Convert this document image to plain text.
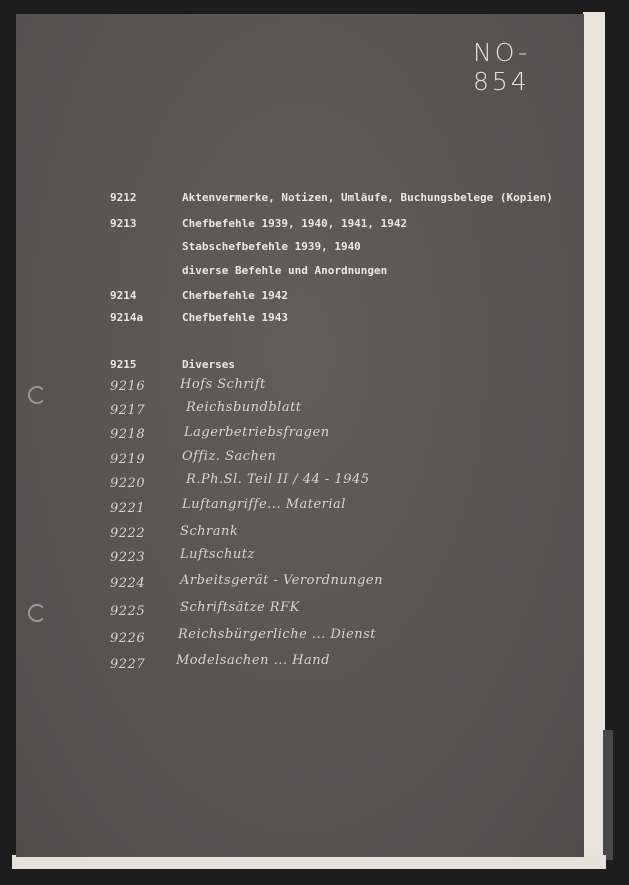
NO-854
9212	Aktenvermerke, Notizen, Umläufe, Buchungsbelege (Kopien)
9213	Chefbefehle 1939, 1940, 1941, 1942
Stabschefbefehle 1939, 1940
diverse Befehle und Anordnungen
9214	Chefbefehle 1942
9214a	Chefbefehle 1943
9215	Diverses
9216	Hofs Schrift
9217	Reichsbundblatt
9218	Lagerbetriebsfragen
9219	Offiz. Sachen
9220	R.Ph.Sl. Teil II / 44 - 1945
9221	Luftangriffe... Material
9222	Schrank
9223	Luftschutz
9224	Arbeitsgerät - Verordnungen
9225	Schriftsätze RFK
9226	Reichsbürgerliche ... Dienst
9227 Modelsachen ... Hand
